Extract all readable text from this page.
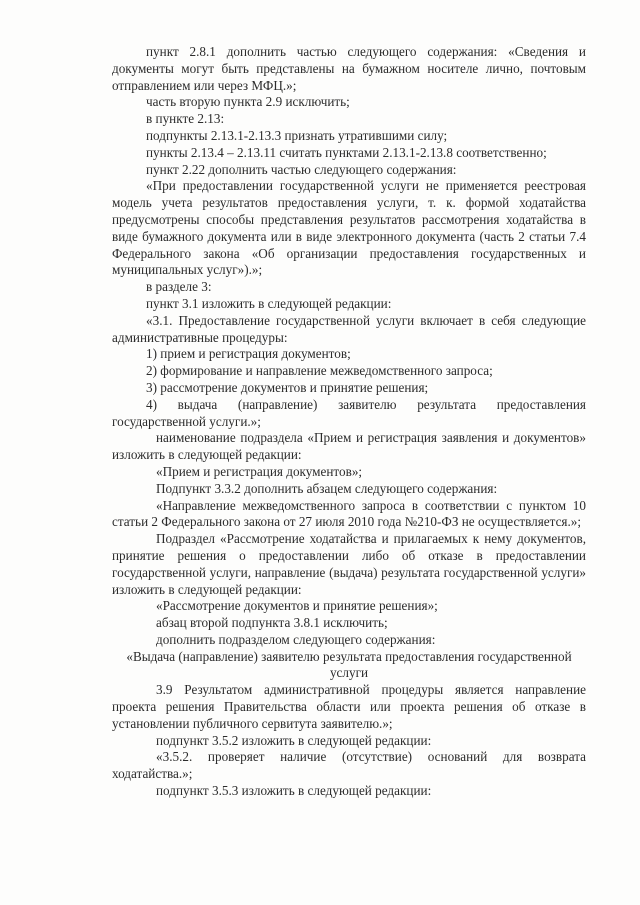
пункт 2.8.1 дополнить частью следующего содержания: «Сведения и документы могут быть представлены на бумажном носителе лично, почтовым отправлением или через МФЦ.»;

часть вторую пункта 2.9 исключить;

в пункте 2.13:

подпункты 2.13.1-2.13.3 признать утратившими силу;

пункты 2.13.4 – 2.13.11 считать пунктами 2.13.1-2.13.8 соответственно;

пункт 2.22 дополнить частью следующего содержания:

«При предоставлении государственной услуги не применяется реестровая модель учета результатов предоставления услуги, т. к. формой ходатайства предусмотрены способы представления результатов рассмотрения ходатайства в виде бумажного документа или в виде электронного документа (часть 2 статьи 7.4 Федерального закона «Об организации предоставления государственных и муниципальных услуг»).»;

в разделе 3:

пункт 3.1 изложить в следующей редакции:

«3.1. Предоставление государственной услуги включает в себя следующие административные процедуры:

1) прием и регистрация документов;

2) формирование и направление межведомственного запроса;

3) рассмотрение документов и принятие решения;

4) выдача (направление) заявителю результата предоставления государственной услуги.»;

наименование подраздела «Прием и регистрация заявления и документов» изложить в следующей редакции:

«Прием и регистрация документов»;

Подпункт 3.3.2 дополнить абзацем следующего содержания:

«Направление межведомственного запроса в соответствии с пунктом 10 статьи 2 Федерального закона от 27 июля 2010 года №210-ФЗ не осуществляется.»;

Подраздел «Рассмотрение ходатайства и прилагаемых к нему документов, принятие решения о предоставлении либо об отказе в предоставлении государственной услуги, направление (выдача) результата государственной услуги» изложить в следующей редакции:

«Рассмотрение документов и принятие решения»;

абзац второй подпункта 3.8.1 исключить;

дополнить подразделом следующего содержания:

«Выдача (направление) заявителю результата предоставления государственной услуги

3.9 Результатом административной процедуры является направление проекта решения Правительства области или проекта решения об отказе в установлении публичного сервитута заявителю.»;

подпункт 3.5.2 изложить в следующей редакции:

«3.5.2. проверяет наличие (отсутствие) оснований для возврата ходатайства.»;

подпункт 3.5.3 изложить в следующей редакции:
